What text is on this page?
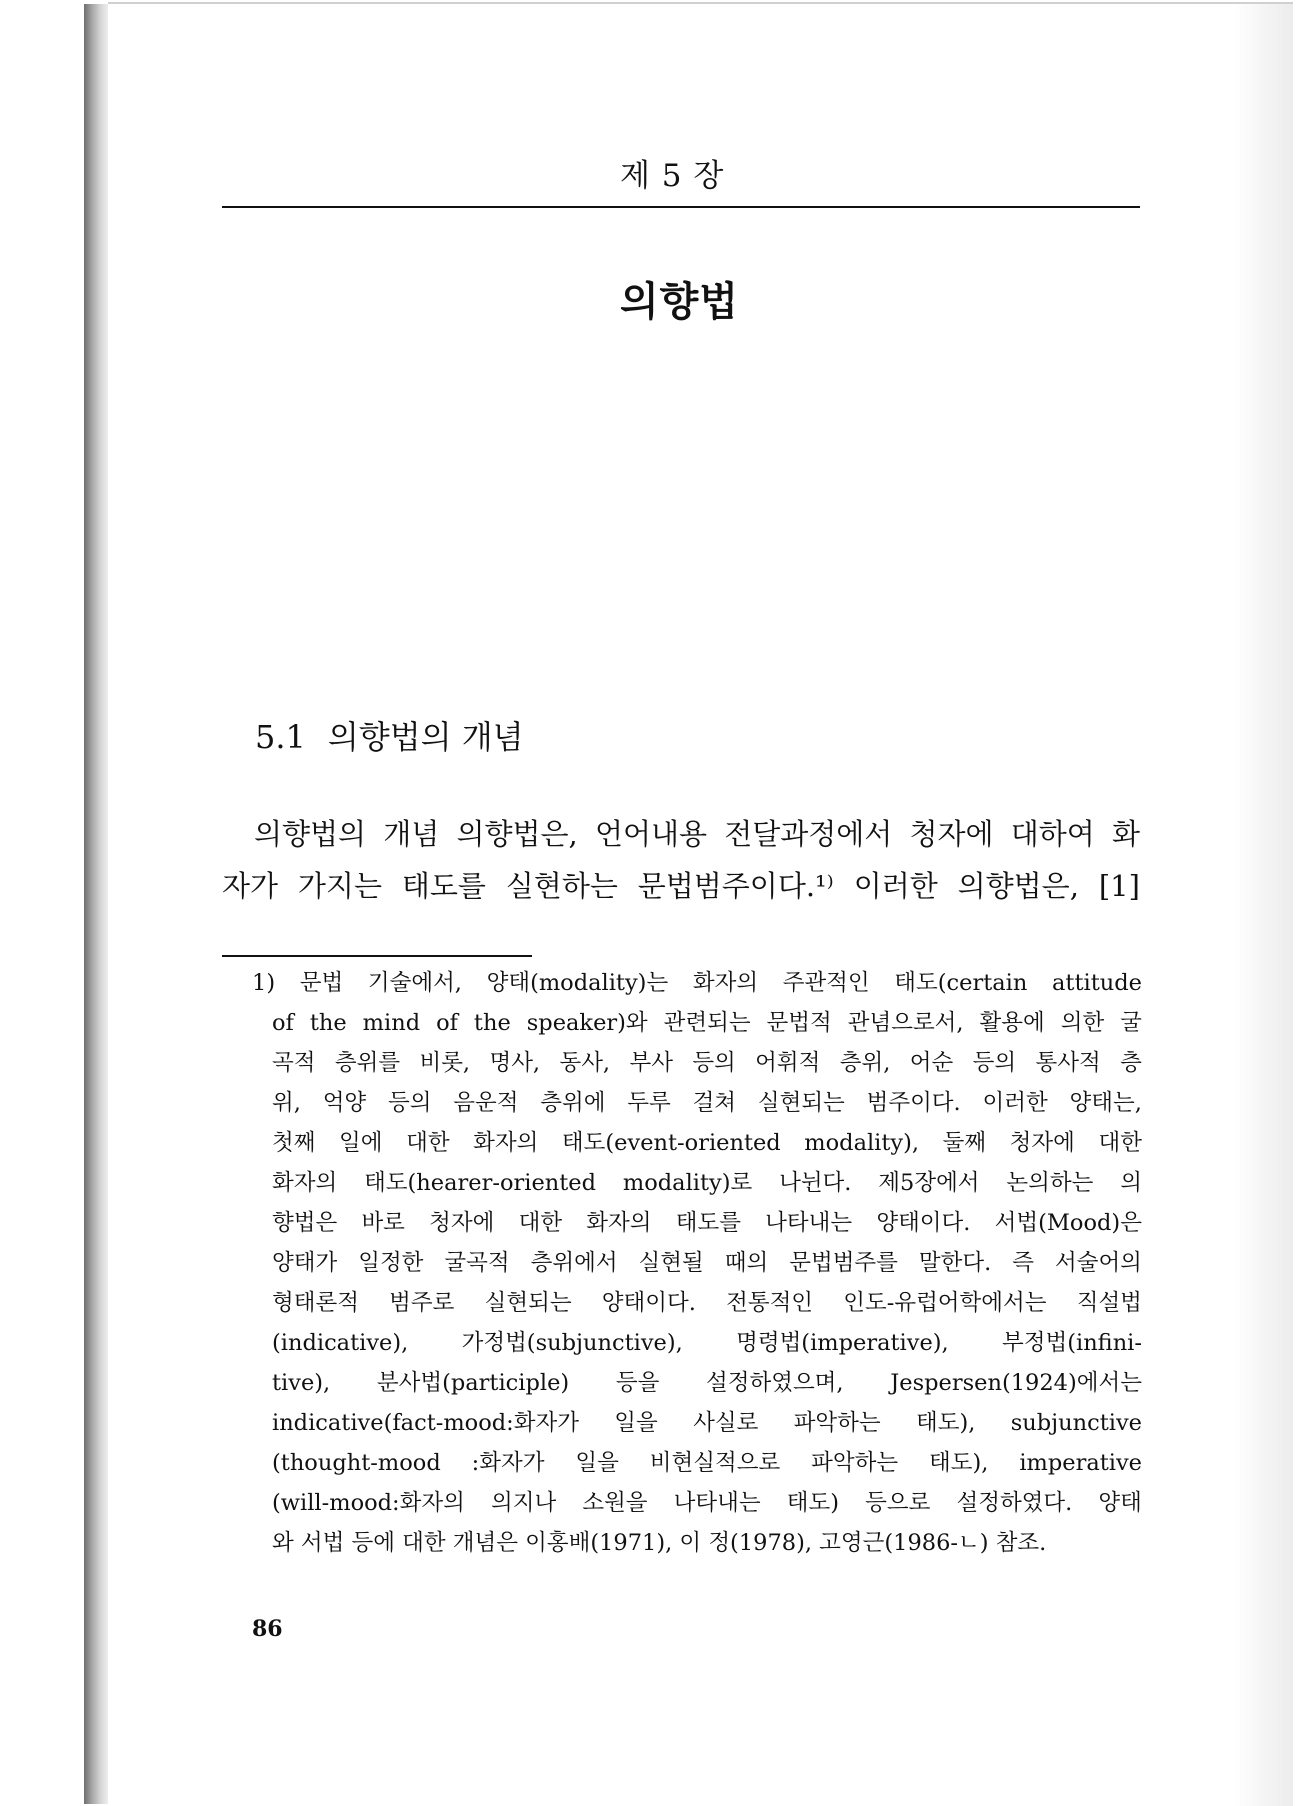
제 5 장
의향법
5.1 의향법의 개념
의향법의 개념 의향법은, 언어내용 전달과정에서 청자에 대하여 화
자가 가지는 태도를 실현하는 문법범주이다.¹⁾ 이러한 의향법은, [1]
1) 문법 기술에서, 양태(modality)는 화자의 주관적인 태도(certain attitude
of the mind of the speaker)와 관련되는 문법적 관념으로서, 활용에 의한 굴
곡적 층위를 비롯, 명사, 동사, 부사 등의 어휘적 층위, 어순 등의 통사적 층
위, 억양 등의 음운적 층위에 두루 걸쳐 실현되는 범주이다. 이러한 양태는,
첫째 일에 대한 화자의 태도(event-oriented modality), 둘째 청자에 대한
화자의 태도(hearer-oriented modality)로 나뉜다. 제5장에서 논의하는 의
향법은 바로 청자에 대한 화자의 태도를 나타내는 양태이다. 서법(Mood)은
양태가 일정한 굴곡적 층위에서 실현될 때의 문법범주를 말한다. 즉 서술어의
형태론적 범주로 실현되는 양태이다. 전통적인 인도-유럽어학에서는 직설법
(indicative), 가정법(subjunctive), 명령법(imperative), 부정법(infini-
tive), 분사법(participle) 등을 설정하였으며, Jespersen(1924)에서는
indicative(fact-mood:화자가 일을 사실로 파악하는 태도), subjunctive
(thought-mood :화자가 일을 비현실적으로 파악하는 태도), imperative
(will-mood:화자의 의지나 소원을 나타내는 태도) 등으로 설정하였다. 양태
와 서법 등에 대한 개념은 이홍배(1971), 이 정(1978), 고영근(1986-ㄴ) 참조.
86
